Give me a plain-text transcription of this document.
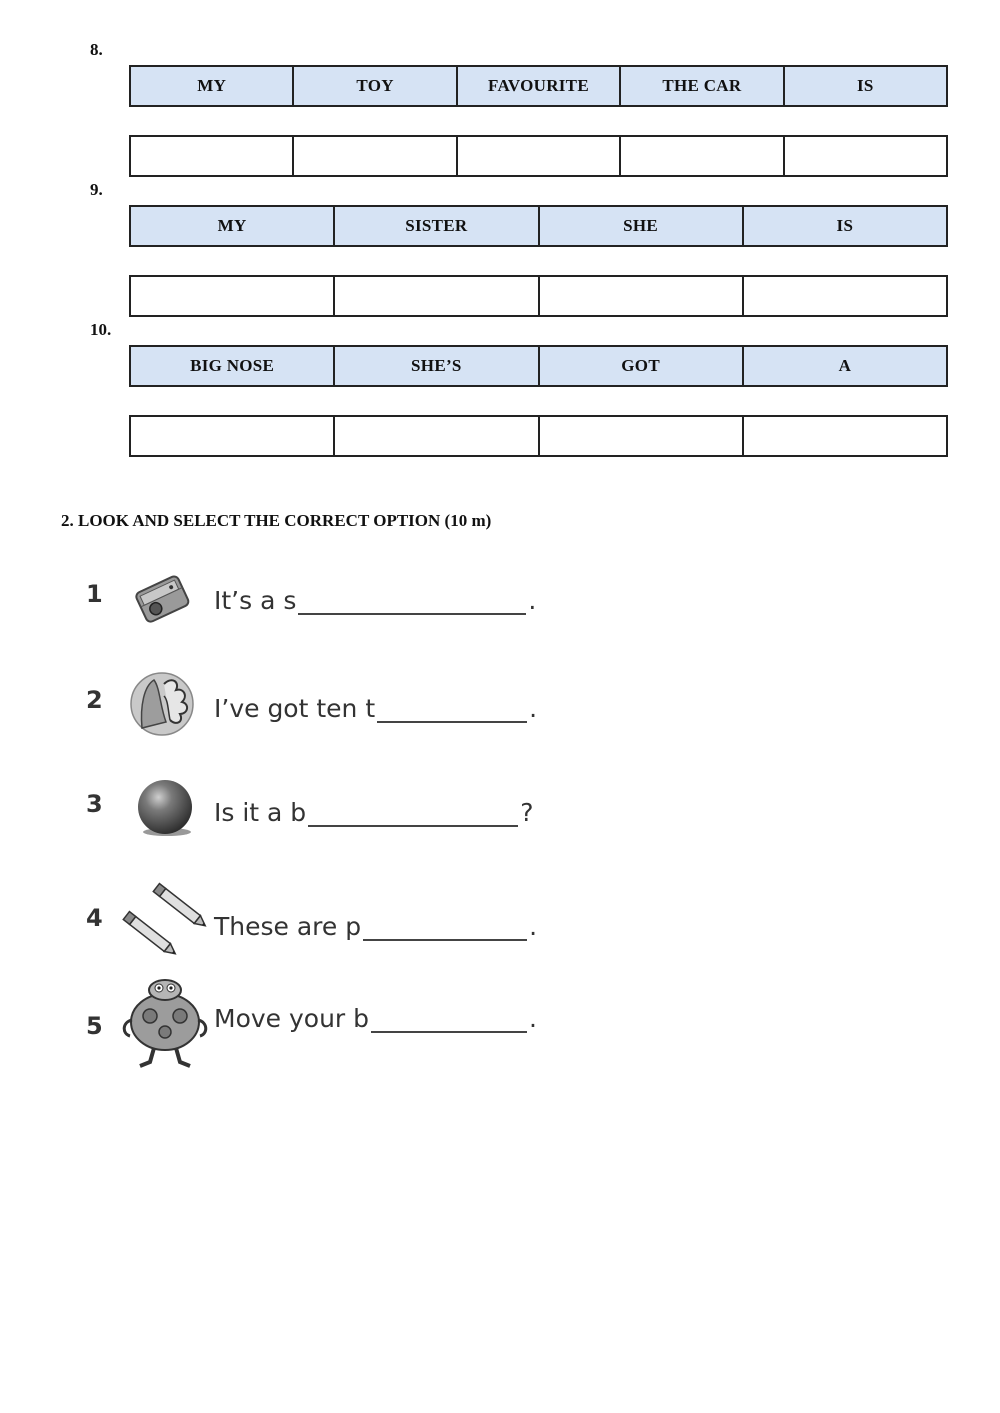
8.
MY	TOY	FAVOURITE	THE CAR	IS
9.
MY	SISTER	SHE	IS
10.
BIG NOSE	SHE’S	GOT	A
2. LOOK AND SELECT THE CORRECT OPTION (10 m)
1	It’s a s	.
2	I’ve got ten t	.
3	Is it a b	?
4	These are p	.
5	Move your b	.
